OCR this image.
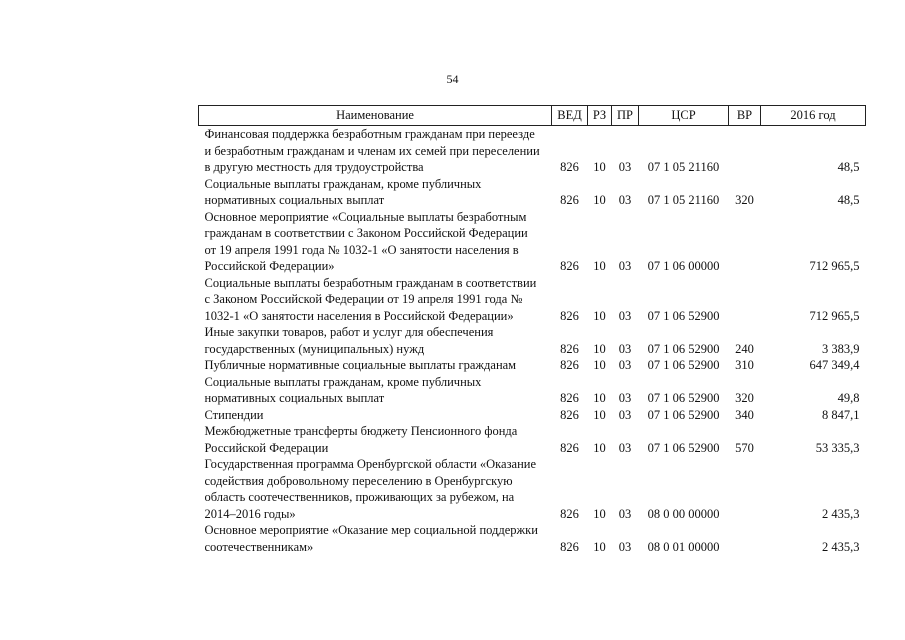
54
Наименование	ВЕД	РЗ	ПР	ЦСР	ВР	2016 год

Финансовая поддержка безработным гражданам при переезде
и безработным гражданам и членам их семей при переселении
в другую местность для трудоустройства	826	10	03	07 1 05 21160		48,5

Социальные выплаты гражданам, кроме публичных
нормативных социальных выплат	826	10	03	07 1 05 21160	320	48,5

Основное мероприятие «Социальные выплаты безработным
гражданам в соответствии с Законом Российской Федерации
от 19 апреля 1991 года № 1032-1 «О занятости населения в
Российской Федерации»	826	10	03	07 1 06 00000		712 965,5

Социальные выплаты безработным гражданам в соответствии
с Законом Российской Федерации от 19 апреля 1991 года №
1032-1 «О занятости населения в Российской Федерации»	826	10	03	07 1 06 52900		712 965,5

Иные закупки товаров, работ и услуг для обеспечения
государственных (муниципальных) нужд	826	10	03	07 1 06 52900	240	3 383,9

Публичные нормативные социальные выплаты гражданам	826	10	03	07 1 06 52900	310	647 349,4

Социальные выплаты гражданам, кроме публичных
нормативных социальных выплат	826	10	03	07 1 06 52900	320	49,8

Стипендии	826	10	03	07 1 06 52900	340	8 847,1

Межбюджетные трансферты бюджету Пенсионного фонда
Российской Федерации	826	10	03	07 1 06 52900	570	53 335,3

Государственная программа Оренбургской области «Оказание
содействия добровольному переселению в Оренбургскую
область соотечественников, проживающих за рубежом, на
2014–2016 годы»	826	10	03	08 0 00 00000		2 435,3

Основное мероприятие «Оказание мер социальной поддержки
соотечественникам»	826	10	03	08 0 01 00000		2 435,3
